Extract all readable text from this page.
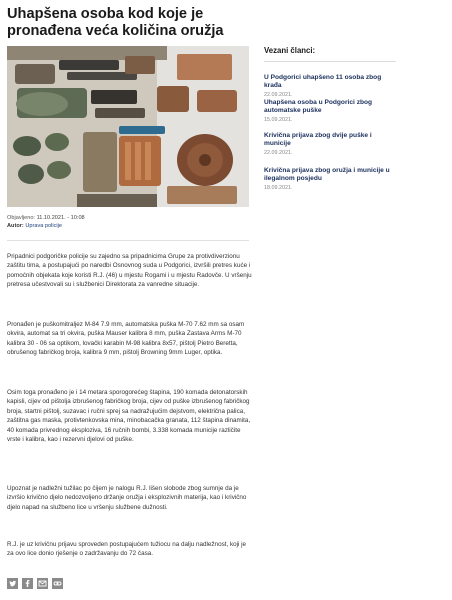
Uhapšena osoba kod koje je pronađena veća količina oružja
Objavljeno: 11.10.2021. - 10:08
Autor: Uprava policije

Pripadnici podgoričke policije su zajedno sa pripadnicima Grupe za protivdiverzionu zaštitu tima, a postupajući po naredbi Osnovnog suda u Podgorici, izvršili pretres kuće i pomoćnih objekata koje koristi R.J. (46) u mjestu Rogami i u mjestu Radovče. U vršenju pretresa učestvovali su i službenici Direktorata za vanredne situacije.

Pronađen je puškomitraljez M-84 7.9 mm, automatska puška M-70 7.62 mm sa osam okvira, automat sa tri okvira, puška Mauser kalibra 8 mm, puška Zastava Arms M-70 kalibra 30 - 06 sa optikom, lovački karabin M-98 kalibra 8x57, pištolj Pietro Beretta, obrušenog fabričkog broja, kalibra 9 mm, pištolj Browning 9mm Luger, optika.

Osim toga pronađeno je i 14 metara sporogorećeg štapina, 190 komada detonatorskih kapisli, cijev od pištolja izbrušenog fabričkog broja, cijev od puške izbrušenog fabričkog broja, startni pištolj, suzavac i ručni sprej sa nadražujućim dejstvom, električna palica, zaštitna gas maska, protivtenkovska mina, minobacačka granata, 112 štapina dinamita, 40 komada privrednog eksploziva, 16 ručnih bombi, 3.338 komada municije različite vrste i kalibra, kao i rezervni djelovi od puške.

Upoznat je nadležni tužilac po čijem je nalogu R.J. lišen slobode zbog sumnje da je izvršio krivično djelo nedozvoljeno držanje oružja i eksplozivnih materija, kao i krivično djelo napad na službeno lice u vršenju službene dužnosti.

R.J. je uz krivičnu prijavu sproveden postupajućem tužiocu na dalju nadležnost, koji je za ovo lice donio rješenje o zadržavanju do 72 časa.

Vezani članci:
U Podgorici uhapšeno 11 osoba zbog krađa
22.09.2021.
Uhapšena osoba u Podgorici zbog automatske puške
15.09.2021.
Krivična prijava zbog dvije puške i municije
22.09.2021.
Krivična prijava zbog oružja i municije u ilegalnom posjedu
18.09.2021.
